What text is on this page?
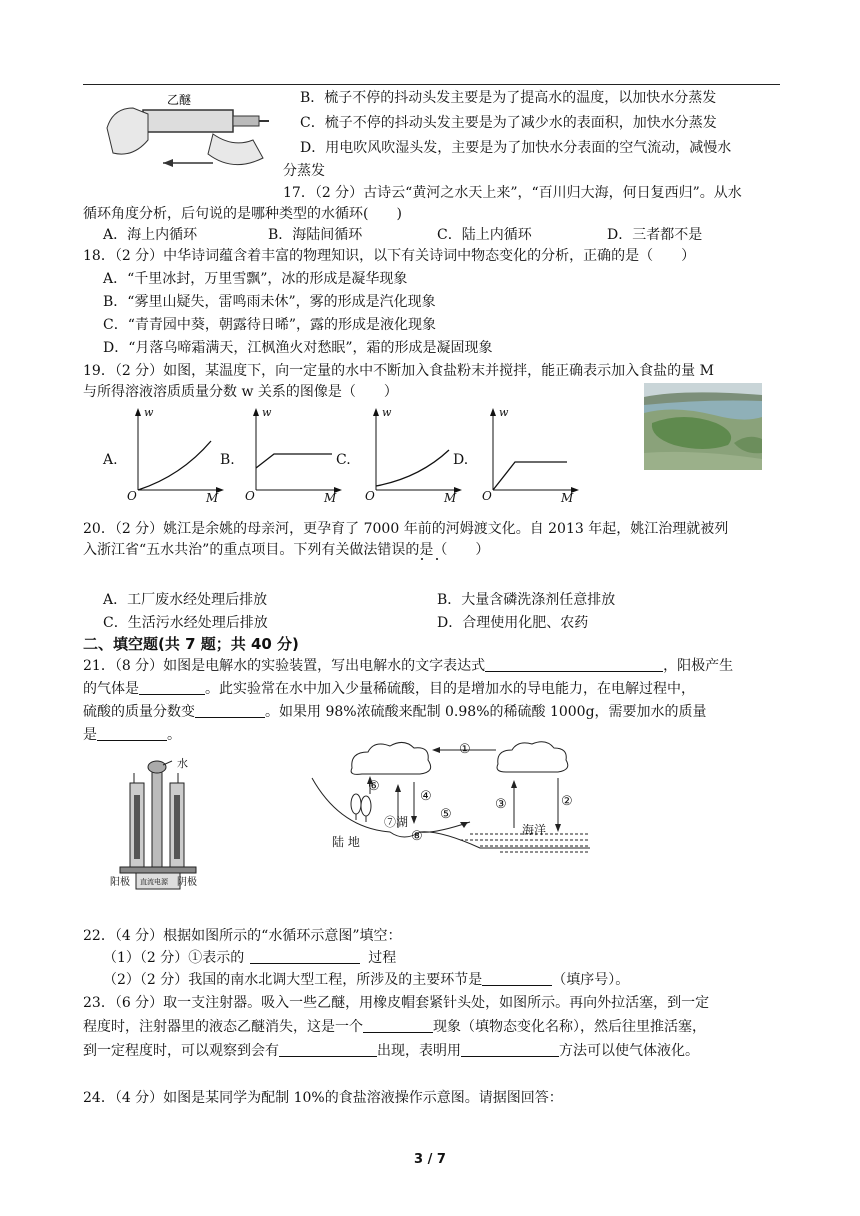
乙醚	B．梳子不停的抖动头发主要是为了提高水的温度，以加快水分蒸发
C．梳子不停的抖动头发主要是为了减少水的表面积，加快水分蒸发
D．用电吹风吹湿头发，主要是为了加快水分表面的空气流动，减慢水
分蒸发
17．（2 分）古诗云“黄河之水天上来”，“百川归大海，何日复西归”。从水
循环角度分析，后句说的是哪种类型的水循环(　　)
A．海上内循环	B．海陆间循环	C．陆上内循环	D．三者都不是
18．（2 分）中华诗词蕴含着丰富的物理知识，以下有关诗词中物态变化的分析，正确的是（　　）
A．“千里冰封，万里雪飘”，冰的形成是凝华现象
B．“雾里山疑失，雷鸣雨未休”，雾的形成是汽化现象
C．“青青园中葵，朝露待日晞”，露的形成是液化现象
D．“月落乌啼霜满天，江枫渔火对愁眠”，霜的形成是凝固现象
19．（2 分）如图，某温度下，向一定量的水中不断加入食盐粉末并搅拌，能正确表示加入食盐的量 M
与所得溶液溶质质量分数 w 关系的图像是（　　）
A.
w
O	M
B.
w
O	M
C.
w
O	M
D.
w
O	M
20．（2 分）姚江是余姚的母亲河，更孕育了 7000 年前的河姆渡文化。自 2013 年起，姚江治理就被列
入浙江省“五水共治”的重点项目。下列有关做法错误的是（　　）
A．工厂废水经处理后排放	B．大量含磷洗涤剂任意排放
C．生活污水经处理后排放	D．合理使用化肥、农药
二、填空题(共 7 题；共 40 分)
21．（8 分）如图是电解水的实验装置，写出电解水的文字表达式	，阳极产生
的气体是	。此实验常在水中加入少量稀硫酸，目的是增加水的导电能力，在电解过程中，
硫酸的质量分数变	。如果用 98%浓硫酸来配制 0.98%的稀硫酸 1000g，需要加水的质量
是	。
水
阳极	阴极
直流电源
①
②
③
④
⑤
⑥
⑦湖
⑧	海洋
陆 地
22．（4 分）根据如图所示的“水循环示意图”填空：
（1）（2 分）①表示的	过程
（2）（2 分）我国的南水北调大型工程，所涉及的主要环节是	（填序号）。
23．（6 分）取一支注射器。吸入一些乙醚，用橡皮帽套紧针头处，如图所示。再向外拉活塞，到一定
程度时，注射器里的液态乙醚消失，这是一个	现象（填物态变化名称），然后往里推活塞，
到一定程度时，可以观察到会有	出现，表明用	方法可以使气体液化。
24．（4 分）如图是某同学为配制 10%的食盐溶液操作示意图。请据图回答：
3 / 7
